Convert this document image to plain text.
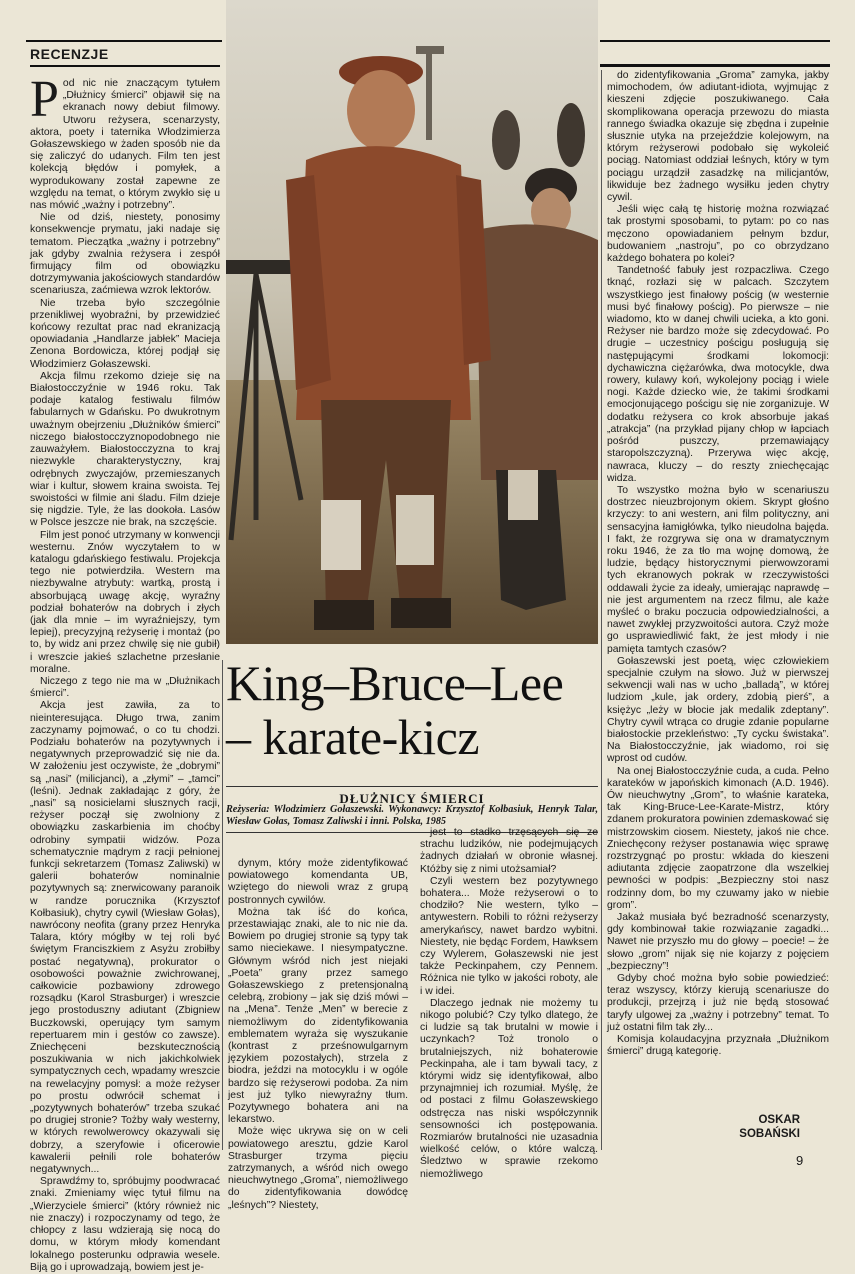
RECENZJE

Pod nic nie znaczącym tytułem „Dłużnicy śmierci” objawił się na ekranach nowy debiut filmowy. Utworu reżysera, scenarzysty, aktora, poety i taternika Włodzimierza Gołaszewskiego w żaden sposób nie da się zaliczyć do udanych. Film ten jest kolekcją błędów i pomyłek, a wyprodukowany został zapewne ze względu na temat, o którym zwykło się u nas mówić „ważny i potrzebny”.

Nie od dziś, niestety, ponosimy konsekwencje prymatu, jaki nadaje się tematom. Pieczątka „ważny i potrzebny” jak gdyby zwalnia reżysera i zespół firmujący film od obowiązku dotrzymywania jakościowych standardów scenariusza, zaćmiewa wzrok lektorów.

Nie trzeba było szczególnie przenikliwej wyobraźni, by przewidzieć końcowy rezultat prac nad ekranizacją opowiadania „Handlarze jabłek” Macieja Zenona Bordowicza, której podjął się Włodzimierz Gołaszewski.

Akcja filmu rzekomo dzieje się na Białostocczyźnie w 1946 roku. Tak podaje katalog festiwalu filmów fabularnych w Gdańsku. Po dwukrotnym uważnym obejrzeniu „Dłużników śmierci” niczego białostocczyznopodobnego nie zauważyłem. Białostocczyzna to kraj niezwykle charakterystyczny, kraj odrębnych zwyczajów, przemieszanych wiar i kultur, słowem kraina swoista. Tej swoistości w filmie ani śladu. Film dzieje się nigdzie. Tyle, że las dookoła. Lasów w Polsce jeszcze nie brak, na szczęście.

Film jest ponoć utrzymany w konwencji westernu. Znów wyczytałem to w katalogu gdańskiego festiwalu. Projekcja tego nie potwierdziła. Western ma niezbywalne atrybuty: wartką, prostą i absorbującą uwagę akcję, wyraźny podział bohaterów na dobrych i złych (jak dla mnie – im wyraźniejszy, tym lepiej), precyzyjną reżyserię i montaż (po to, by widz ani przez chwilę się nie gubił) i wreszcie jakieś szlachetne przesłanie moralne.

Niczego z tego nie ma w „Dłużnikach śmierci”.

Akcja jest zawiła, za to nieinteresująca. Długo trwa, zanim zaczynamy pojmować, o co tu chodzi. Podziału bohaterów na pozytywnych i negatywnych przeprowadzić się nie da. W założeniu jest oczywiste, że „dobrymi” są „nasi” (milicjanci), a „złymi” – „tamci” (leśni). Jednak zakładając z góry, że „nasi” są nosicielami słusznych racji, reżyser począł się zwolniony z obowiązku zaskarbienia im choćby odrobiny sympatii widzów. Poza schematycznie mądrym z racji pełnionej funkcji sekretarzem (Tomasz Zaliwski) w galerii bohaterów nominalnie pozytywnych są: znerwicowany paranoik w randze porucznika (Krzysztof Kołbasiuk), chytry cywil (Wiesław Gołas), nawrócony neofita (grany przez Henryka Talara, który mógłby w tej roli być świętym Franciszkiem z Asyżu zrobiłby postać negatywną), prokurator o osobowości poważnie zwichrowanej, całkowicie pozbawiony zdrowego rozsądku (Karol Strasburger) i wreszcie jego prostoduszny adiutant (Zbigniew Buczkowski, operujący tym samym repertuarem min i gestów co zawsze). Zniechęceni bezskutecznością poszukiwania w nich jakichkolwiek sympatycznych cech, wpadamy wreszcie na rewelacyjny pomysł: a może reżyser po prostu odwrócił schemat i „pozytywnych bohaterów” trzeba szukać po drugiej stronie? Tożby wały westerny, w których rewolwerowcy okazywali się dobrzy, a szeryfowie i oficerowie kawalerii pełnili role bohaterów negatywnych...

Sprawdźmy to, spróbujmy poodwracać znaki. Zmieniamy więc tytuł filmu na „Wierzyciele śmierci” (który również nic nie znaczy) i rozpoczynamy od tego, że chłopcy z lasu wdzierają się nocą do domu, w którym młody komendant lokalnego posterunku odprawia wesele. Biją go i uprowadzają, bowiem jest je-

King–Bruce–Lee
– karate-kicz
DŁUŻNICY ŚMIERCI
Reżyseria: Włodzimierz Gołaszewski. Wykonawcy: Krzysztof Kołbasiuk, Henryk Talar, Wiesław Gołas, Tomasz Zaliwski i inni. Polska, 1985

dynym, który może zidentyfikować powiatowego komendanta UB, wziętego do niewoli wraz z grupą postronnych cywilów.

Można tak iść do końca, przestawiając znaki, ale to nic nie da. Bowiem po drugiej stronie są typy tak samo nieciekawe. I niesympatyczne. Głównym wśród nich jest niejaki „Poeta” grany przez samego Gołaszewskiego z pretensjonalną celebrą, zrobiony – jak się dziś mówi – na „Mena”. Tenże „Men” w berecie z niemożliwym do zidentyfikowania emblematem wyraża się wyszukanie (kontrast z prześnowulgarnym językiem pozostałych), strzela z biodra, jeździ na motocyklu i w ogóle bardzo się reżyserowi podoba. Za nim jest już tylko niewyraźny tłum. Pozytywnego bohatera ani na lekarstwo.

Może więc ukrywa się on w celi powiatowego aresztu, gdzie Karol Strasburger trzyma pięciu zatrzymanych, a wśród nich owego nieuchwytnego „Groma”, niemożliwego do zidentyfikowania dowódcę „leśnych”? Niestety,

jest to stadko trzęsących się ze strachu ludzików, nie podejmujących żadnych działań w obronie własnej. Któżby się z nimi utożsamiał?

Czyli western bez pozytywnego bohatera... Może reżyserowi o to chodziło? Nie western, tylko – antywestern. Robili to różni reżyserzy amerykańscy, nawet bardzo wybitni. Niestety, nie będąc Fordem, Hawksem czy Wylerem, Gołaszewski nie jest także Peckinpahem, czy Pennem. Różnica nie tylko w jakości roboty, ale i w idei.

Dlaczego jednak nie możemy tu nikogo polubić? Czy tylko dlatego, że ci ludzie są tak brutalni w mowie i uczynkach? Toż tronolo o brutalniejszych, niż bohaterowie Peckinpaha, ale i tam bywali tacy, z którymi widz się identyfikował, albo przynajmniej ich rozumiał. Myślę, że od postaci z filmu Gołaszewskiego odstręcza nas niski współczynnik sensowności ich postępowania. Rozmiarów brutalności nie uzasadnia wielkość celów, o które walczą. Śledztwo w sprawie rzekomo niemożliwego

do zidentyfikowania „Groma” zamyka, jakby mimochodem, ów adiutant-idiota, wyjmując z kieszeni zdjęcie poszukiwanego. Cała skomplikowana operacja przewozu do miasta rannego świadka okazuje się zbędna i zupełnie słusznie utyka na przejeździe kolejowym, na którym reżyserowi podobało się wykoleić pociąg. Natomiast oddział leśnych, który w tym pociągu urządził zasadzkę na milicjantów, likwiduje bez żadnego wysiłku jeden chytry cywil.

Jeśli więc całą tę historię można rozwiązać tak prostymi sposobami, to pytam: po co nas męczono opowiadaniem pełnym bzdur, budowaniem „nastroju”, po co obrzydzano każdego bohatera po kolei?

Tandetność fabuły jest rozpaczliwa. Czego tknąć, rozłazi się w palcach. Szczytem wszystkiego jest finałowy pościg (w westernie musi być finałowy pościg). Po pierwsze – nie wiadomo, kto w danej chwili ucieka, a kto goni. Reżyser nie bardzo może się zdecydować. Po drugie – uczestnicy pościgu posługują się następującymi środkami lokomocji: dychawiczna ciężarówka, dwa motocykle, dwa rowery, kulawy koń, wykolejony pociąg i wiele nogi. Każde dziecko wie, że takimi środkami emocjonującego pościgu się nie zorganizuje. W dodatku reżysera co krok absorbuje jakaś „atrakcja” (na przykład pijany chłop w łapciach pośród puszczy, przemawiający staropolszczyzną). Przerywa więc akcję, nawraca, kluczy – do reszty zniechęcając widza.

To wszystko można było w scenariuszu dostrzec nieuzbrojonym okiem. Skrypt głośno krzyczy: to ani western, ani film polityczny, ani sensacyjna łamigłówka, tylko nieudolna bajęda. I fakt, że rozgrywa się ona w dramatycznym roku 1946, że za tło ma wojnę domową, że ludzie, będący historycznymi pierwowzorami tych ekranowych pokrak w rzeczywistości oddawali życie za ideały, umierając naprawdę – nie jest argumentem na rzecz filmu, ale każe myśleć o braku poczucia odpowiedzialności, a nawet zwykłej przyzwoitości autora. Czyż może go usprawiedliwić fakt, że jest młody i nie pamięta tamtych czasów?

Gołaszewski jest poetą, więc człowiekiem specjalnie czułym na słowo. Już w pierwszej sekwencji wali nas w ucho „balladą”, w której ludziom „kule, jak ordery, zdobią pierś”, a księżyc „leży w błocie jak medalik zdeptany”. Chytry cywil wtrąca co drugie zdanie popularne białostockie przekleństwo: „Ty cycku świstaka”. Na Białostocczyźnie, jak wiadomo, roi się wprost od cudów.

Na onej Białostocczyźnie cuda, a cuda. Pełno karateków w japońskich kimonach (A.D. 1946). Ów nieuchwytny „Grom”, to właśnie karateka, tak King-Bruce-Lee-Karate-Mistrz, który zdanem prokuratora powinien zdemaskować się mistrzowskim ciosem. Niestety, jakoś nie chce. Zniechęcony reżyser postanawia więc sprawę rozstrzygnąć po prostu: wkłada do kieszeni adiutanta zdjęcie zaopatrzone dla wszelkiej pewności w podpis: „Bezpieczny stoi nasz rodzinny dom, bo my czuwamy jako w niebie grom”.

Jakaż musiała być bezradność scenarzysty, gdy kombinował takie rozwiązanie zagadki... Nawet nie przyszło mu do głowy – poecie! – że słowo „grom” nijak się nie kojarzy z pojęciem „bezpieczny”!

Gdyby choć można było sobie powiedzieć: teraz wszyscy, którzy kierują scenariusze do produkcji, przejrzą i już nie będą stosować taryfy ulgowej za „ważny i potrzebny” temat. To już ostatni film tak zły...

Komisja kolaudacyjna przyznała „Dłużnikom śmierci” drugą kategorię.

OSKAR
SOBAŃSKI
9
